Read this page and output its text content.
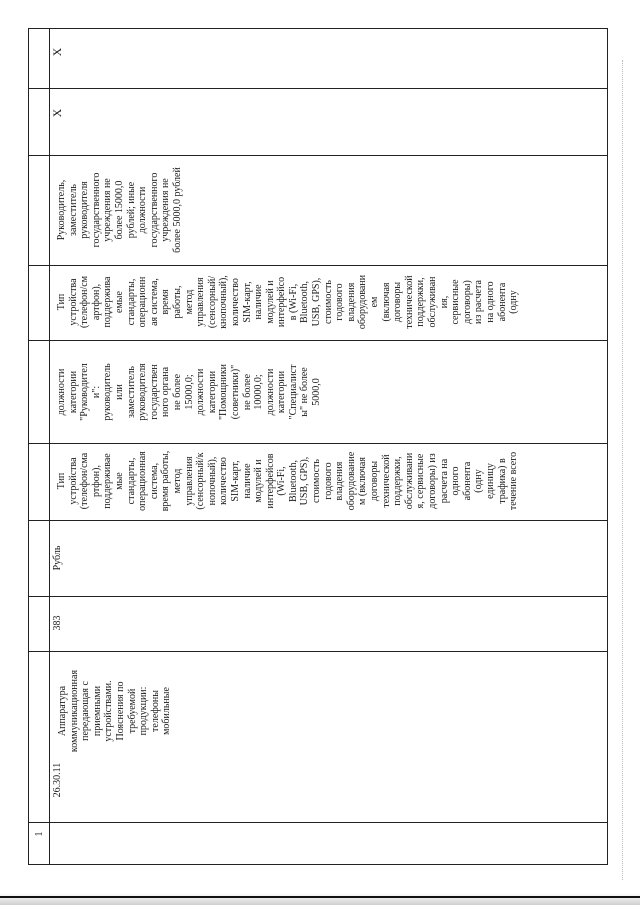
1
26.30.11
Аппаратура
коммуникационная
передающая с
приемными
устройствами.
Пояснения по
требуемой
продукции:
телефоны
мобильные
383
Рубль
Тип
устройства
(телефон/сма
ртфон),
поддерживае
мые
стандарты,
операционная
система,
время работы,
метод
управления
(сенсорный/к
нопочный),
количество
SIM-карт,
наличие
модулей и
интерфейсов
(Wi-Fi,
Bluetooth,
USB, GPS),
стоимость
годового
владения
оборудование
м (включая
договоры
технической
поддержки,
обслуживани
я, сервисные
договоры) из
расчета на
одного
абонента
(одну
единицу
трафика) в
течение всего
должности
категории
"Руководител
и":
руководитель
или
заместитель
руководителя
государствен
ного органа
не более
15000,0;
должности
категории
"Помощники
(советники)"
не более
10000,0;
должности
категории
"Специалист
ы" не более
5000,0
Тип
устройства
(телефон/см
артфон),
поддержива
емые
стандарты,
операционн
ая система,
время
работы,
метод
управления
(сенсорный/
кнопочный),
количество
SIM-карт,
наличие
модулей и
интерфейсо
в (Wi-Fi,
Bluetooth,
USB, GPS),
стоимость
годового
владения
оборудовани
ем
(включая
договоры
технической
поддержки,
обслуживан
ия,
сервисные
договоры)
из расчета
на одного
абонента
(одну
Руководитель,
заместитель
руководителя
государственного
учреждения не
более 15000,0
рублей; иные
должности
государственного
учреждения не
более 5000,0 рублей
X
X
